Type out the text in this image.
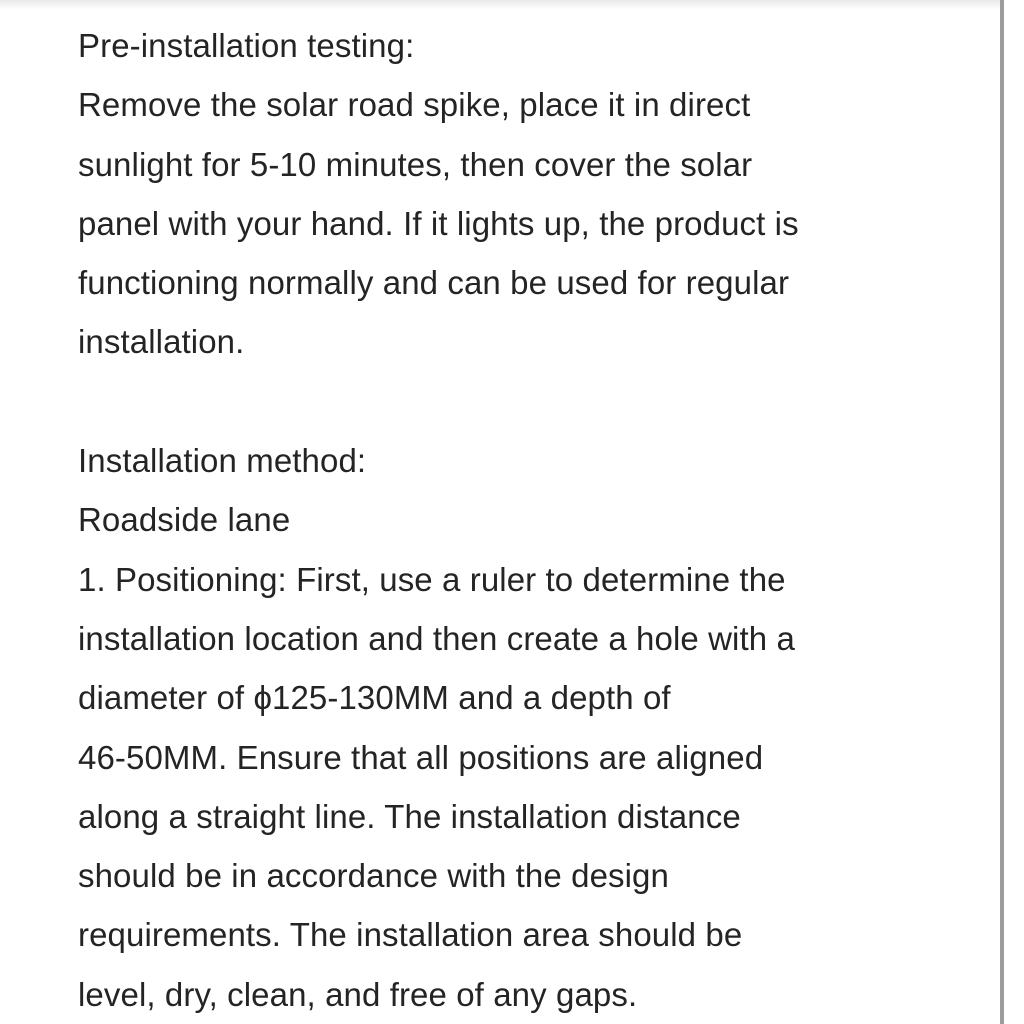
Pre-installation testing:
Remove the solar road spike, place it in direct
sunlight for 5-10 minutes, then cover the solar
panel with your hand. If it lights up, the product is
functioning normally and can be used for regular
installation.
Installation method:
Roadside lane
1. Positioning: First, use a ruler to determine the
installation location and then create a hole with a
diameter of ϕ125-130MM and a depth of
46-50MM. Ensure that all positions are aligned
along a straight line. The installation distance
should be in accordance with the design
requirements. The installation area should be
level, dry, clean, and free of any gaps.
